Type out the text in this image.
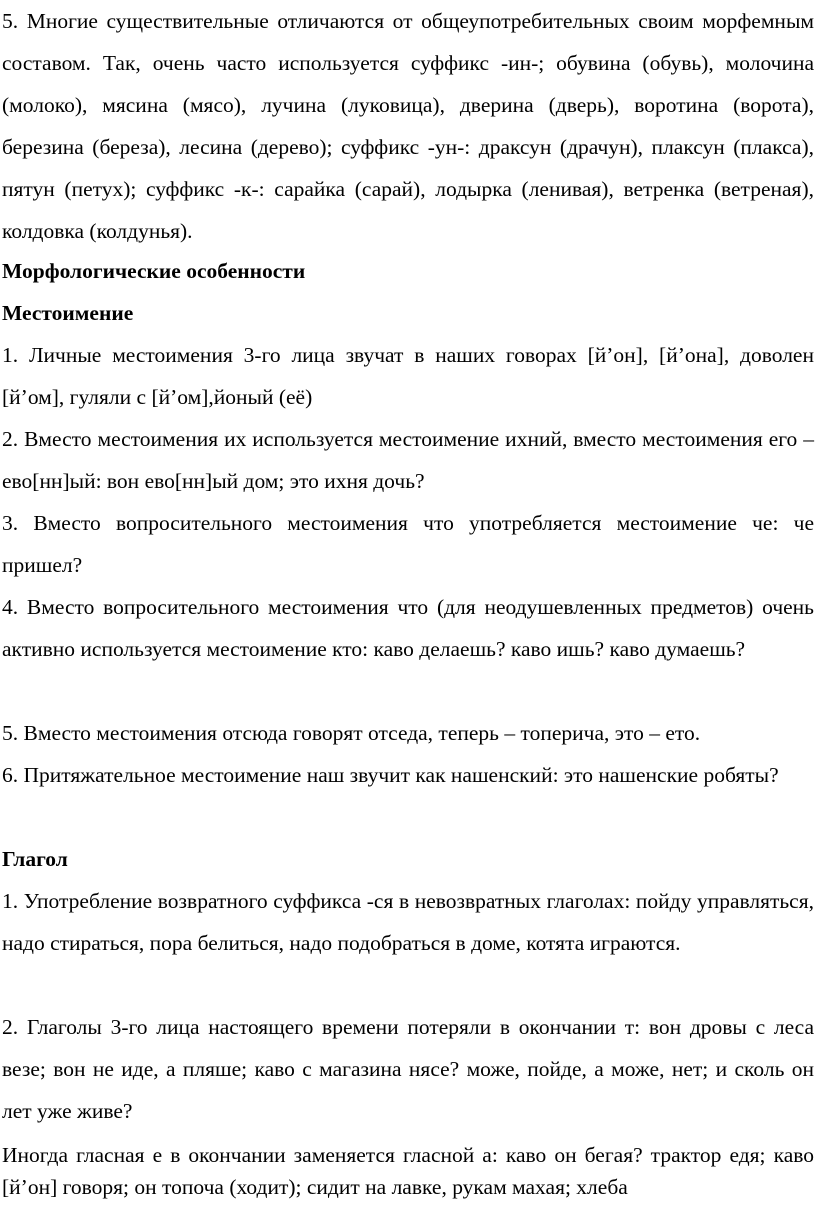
5. Многие существительные отличаются от общеупотребительных своим морфемным составом. Так, очень часто используется суффикс -ин-; обувина (обувь), молочина (молоко), мясина (мясо), лучина (луковица), дверина (дверь), воротина (ворота), березина (береза), лесина (дерево); суффикс -ун-: драксун (драчун), плаксун (плакса), пятун (петух); суффикс -к-: сарайка (сарай), лодырка (ленивая), ветренка (ветреная), колдовка (колдунья).

Морфологические особенности

Местоимение

1. Личные местоимения 3-го лица звучат в наших говорах [й’он], [й’она], доволен [й’ом], гуляли с [й’ом],йоный (её)

2. Вместо местоимения их используется местоимение ихний, вместо местоимения его – ево[нн]ый: вон ево[нн]ый дом; это ихня дочь?

3. Вместо вопросительного местоимения что употребляется местоимение че: че пришел?

4. Вместо вопросительного местоимения что (для неодушевленных предметов) очень активно используется местоимение кто: каво делаешь? каво ишь? каво думаешь?

5. Вместо местоимения отсюда говорят отседа, теперь – топерича, это – ето.

6. Притяжательное местоимение наш звучит как нашенский: это нашенские робяты?

Глагол

1. Употребление возвратного суффикса -ся в невозвратных глаголах: пойду управляться, надо стираться, пора белиться, надо подобраться в доме, котята играются.

2. Глаголы 3-го лица настоящего времени потеряли в окончании т: вон дровы с леса везе; вон не иде, а пляше; каво с магазина нясе? може, пойде, а може, нет; и сколь он лет уже живе?

Иногда гласная е в окончании заменяется гласной а: каво он бегая? трактор едя; каво [й’он] говоря; он топоча (ходит); сидит на лавке, рукам махая; хлеба
